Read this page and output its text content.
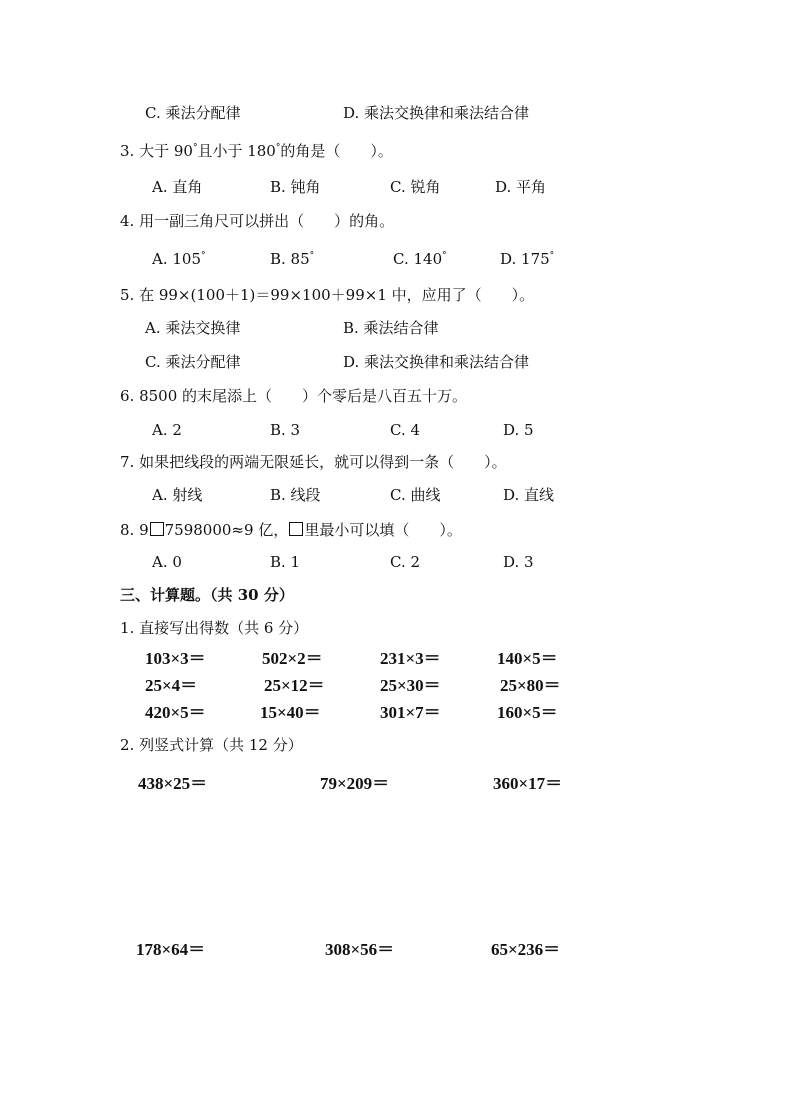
C. 乘法分配律	D. 乘法交换律和乘法结合律
3. 大于 90°且小于 180°的角是（　　）。
A. 直角	B. 钝角	C. 锐角	D. 平角
4. 用一副三角尺可以拼出（　　）的角。
A. 105°	B. 85°	C. 140°	D. 175°
5. 在 99×(100＋1)＝99×100＋99×1 中，应用了（　　）。
A. 乘法交换律	B. 乘法结合律
C. 乘法分配律	D. 乘法交换律和乘法结合律
6. 8500 的末尾添上（　　）个零后是八百五十万。
A. 2	B. 3	C. 4	D. 5
7. 如果把线段的两端无限延长，就可以得到一条（　　）。
A. 射线	B. 线段	C. 曲线	D. 直线
8. 9 7598000≈9 亿， 里最小可以填（　　）。
A. 0	B. 1	C. 2	D. 3
三、计算题。（共 30 分）
1. 直接写出得数（共 6 分）
103×3＝	502×2＝	231×3＝	140×5＝
25×4＝	25×12＝	25×30＝	25×80＝
420×5＝	15×40＝	301×7＝	160×5＝
2. 列竖式计算（共 12 分）
438×25＝	79×209＝	360×17＝
178×64＝	308×56＝	65×236＝
